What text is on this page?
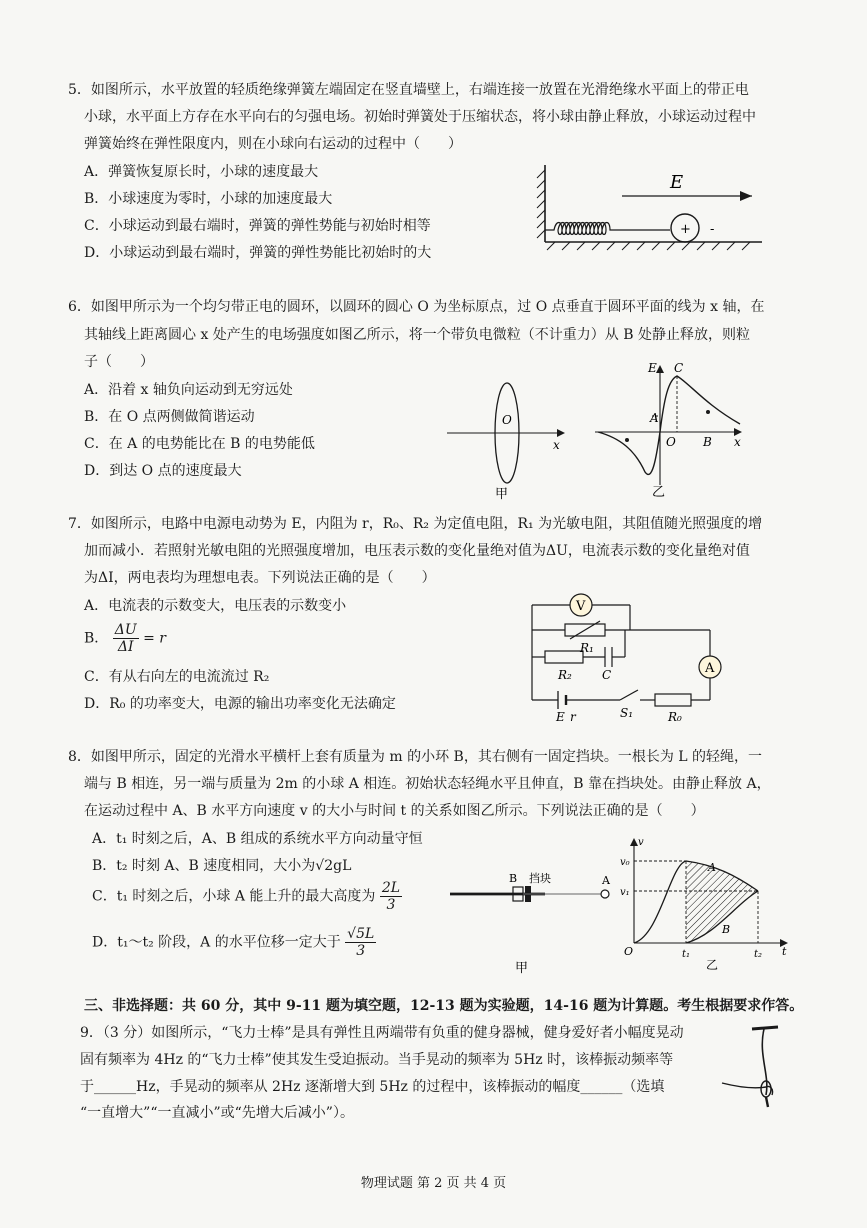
5．如图所示，水平放置的轻质绝缘弹簧左端固定在竖直墙壁上，右端连接一放置在光滑绝缘水平面上的带正电
小球，水平面上方存在水平向右的匀强电场。初始时弹簧处于压缩状态，将小球由静止释放，小球运动过程中
弹簧始终在弹性限度内，则在小球向右运动的过程中（　　）
A．弹簧恢复原长时，小球的速度最大
B．小球速度为零时，小球的加速度最大
C．小球运动到最右端时，弹簧的弹性势能与初始时相等
D．小球运动到最右端时，弹簧的弹性势能比初始时的大
+ -
E
6．如图甲所示为一个均匀带正电的圆环，以圆环的圆心 O 为坐标原点，过 O 点垂直于圆环平面的线为 x 轴，在
其轴线上距离圆心 x 处产生的电场强度如图乙所示，将一个带负电微粒（不计重力）从 B 处静止释放，则粒
子（　　）
A．沿着 x 轴负向运动到无穷远处
B．在 O 点两侧做简谐运动
C．在 A 的电势能比在 B 的电势能低
D．到达 O 点的速度最大
O
x
甲
E C
A
O B x
乙
7．如图所示，电路中电源电动势为 E，内阻为 r，R₀、R₂ 为定值电阻，R₁ 为光敏电阻，其阻值随光照强度的增
加而减小．若照射光敏电阻的光照强度增加，电压表示数的变化量绝对值为ΔU，电流表示数的变化量绝对值
为ΔI，两电表均为理想电表。下列说法正确的是（　　）
A．电流表的示数变大，电压表的示数变小
B． $\frac{\Delta U}{\Delta I} = r$
C．有从右向左的电流流过 R₂
D．R₀ 的功率变大，电源的输出功率变化无法确定
V
A
R₁
R₂	C
E r	S₁	R₀
8．如图甲所示，固定的光滑水平横杆上套有质量为 m 的小环 B，其右侧有一固定挡块。一根长为 L 的轻绳，一
端与 B 相连，另一端与质量为 2m 的小球 A 相连。初始状态轻绳水平且伸直，B 靠在挡块处。由静止释放 A，
在运动过程中 A、B 水平方向速度 v 的大小与时间 t 的关系如图乙所示。下列说法正确的是（　　）
A．t₁ 时刻之后，A、B 组成的系统水平方向动量守恒
B．t₂ 时刻 A、B 速度相同，大小为√2gL
C．t₁ 时刻之后，小球 A 能上升的最大高度为 $\frac{2L}{3}$
D．t₁～t₂ 阶段，A 的水平位移一定大于 $\frac{√5L}{3}$
B 挡块	A
甲
v
v₀
v₁
O	t
t₁	t₂
A
B
乙
三、非选择题：共 60 分，其中 9-11 题为填空题，12-13 题为实验题，14-16 题为计算题。考生根据要求作答。
9．（3 分）如图所示，“飞力士棒”是具有弹性且两端带有负重的健身器械，健身爱好者小幅度晃动
固有频率为 4Hz 的“飞力士棒”使其发生受迫振动。当手晃动的频率为 5Hz 时，该棒振动频率等
于______Hz，手晃动的频率从 2Hz 逐渐增大到 5Hz 的过程中，该棒振动的幅度______（选填
“一直增大”“一直减小”或“先增大后减小”）。
物理试题 第 2 页 共 4 页
